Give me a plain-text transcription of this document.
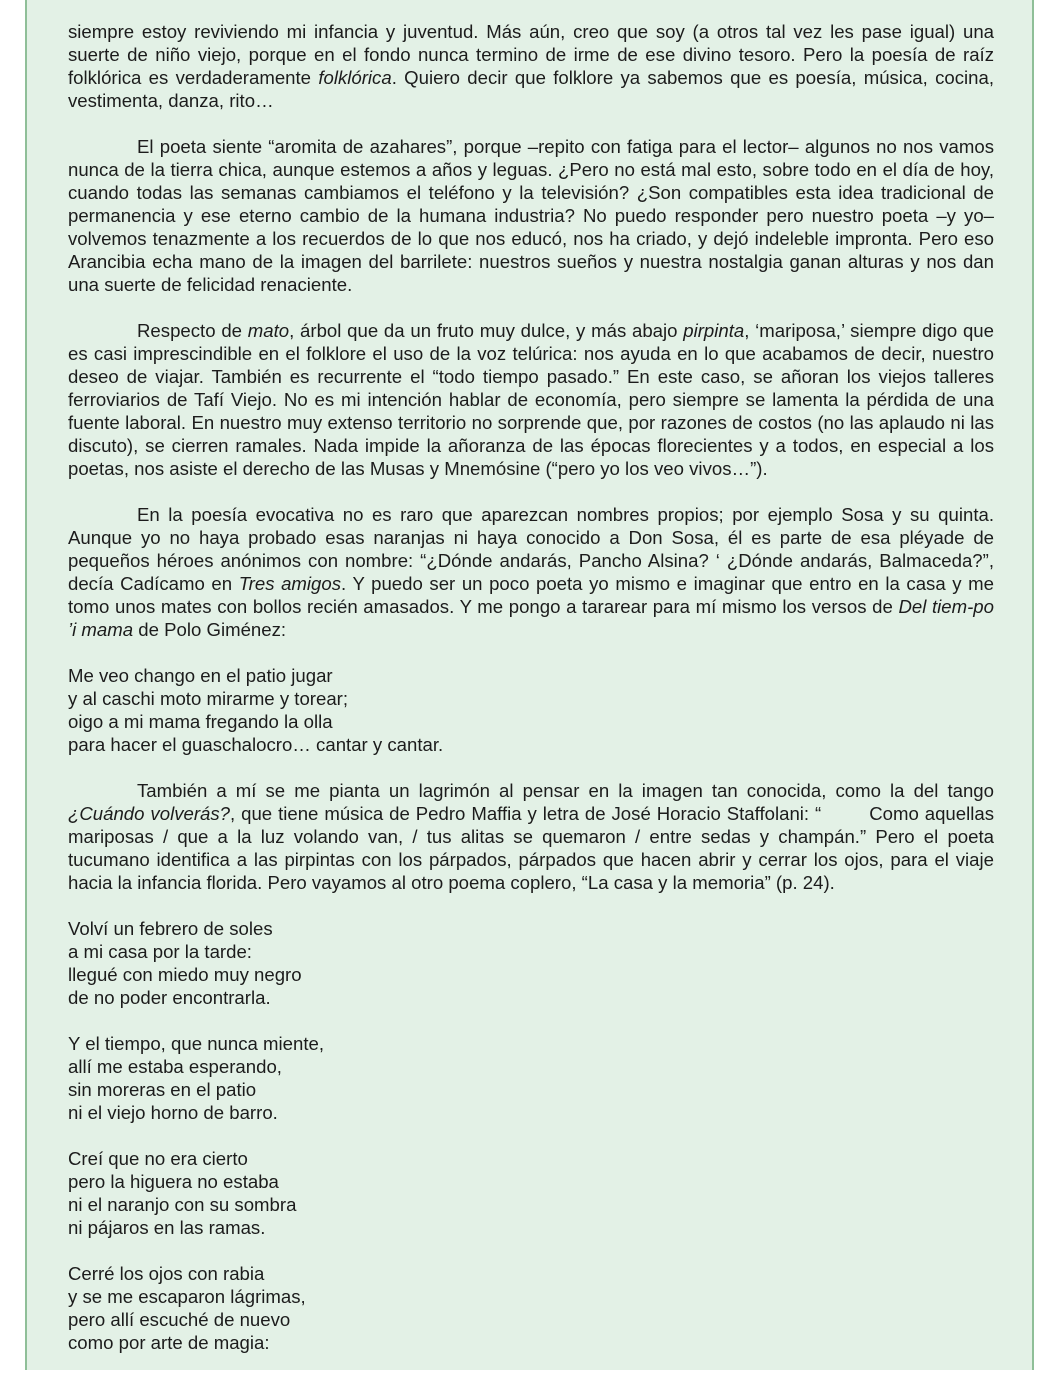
siempre estoy reviviendo mi infancia y juventud. Más aún, creo que soy (a otros tal vez les pase igual) una suerte de niño viejo, porque en el fondo nunca termino de irme de ese divino tesoro. Pero la poesía de raíz folklórica es verdaderamente folklórica. Quiero decir que folklore ya sabemos que es poesía, música, cocina, vestimenta, danza, rito…

El poeta siente “aromita de azahares”, porque –repito con fatiga para el lector– algunos no nos vamos nunca de la tierra chica, aunque estemos a años y leguas. ¿Pero no está mal esto, sobre todo en el día de hoy, cuando todas las semanas cambiamos el teléfono y la televisión? ¿Son compatibles esta idea tradicional de permanencia y ese eterno cambio de la humana industria? No puedo responder pero nuestro poeta –y yo– volvemos tenazmente a los recuerdos de lo que nos educó, nos ha criado, y dejó indeleble impronta. Pero eso Arancibia echa mano de la imagen del barrilete: nuestros sueños y nuestra nostalgia ganan alturas y nos dan una suerte de felicidad renaciente.

Respecto de mato, árbol que da un fruto muy dulce, y más abajo pirpinta, ‘mariposa,’ siempre digo que es casi imprescindible en el folklore el uso de la voz telúrica: nos ayuda en lo que acabamos de decir, nuestro deseo de viajar. También es recurrente el “todo tiempo pasado.” En este caso, se añoran los viejos talleres ferroviarios de Tafí Viejo. No es mi intención hablar de economía, pero siempre se lamenta la pérdida de una fuente laboral. En nuestro muy extenso territorio no sorprende que, por razones de costos (no las aplaudo ni las discuto), se cierren ramales. Nada impide la añoranza de las épocas florecientes y a todos, en especial a los poetas, nos asiste el derecho de las Musas y Mnemósine (“pero yo los veo vivos…”).

En la poesía evocativa no es raro que aparezcan nombres propios; por ejemplo Sosa y su quinta. Aunque yo no haya probado esas naranjas ni haya conocido a Don Sosa, él es parte de esa pléyade de pequeños héroes anónimos con nombre: “¿Dónde andarás, Pancho Alsina? ‘ ¿Dónde andarás, Balmaceda?”, decía Cadícamo en Tres amigos. Y puedo ser un poco poeta yo mismo e imaginar que entro en la casa y me tomo unos mates con bollos recién amasados. Y me pongo a tararear para mí mismo los versos de Del tiem-po ’i mama de Polo Giménez:

Me veo chango en el patio jugar
y al caschi moto mirarme y torear;
oigo a mi mama fregando la olla
para hacer el guaschalocro… cantar y cantar.

También a mí se me pianta un lagrimón al pensar en la imagen tan conocida, como la del tango ¿Cuándo volverás?, que tiene música de Pedro Maffia y letra de José Horacio Staffolani: “	Como aquellas mariposas / que a la luz volando van, / tus alitas se quemaron / entre sedas y champán.” Pero el poeta tucumano identifica a las pirpintas con los párpados, párpados que hacen abrir y cerrar los ojos, para el viaje hacia la infancia florida. Pero vayamos al otro poema coplero, “La casa y la memoria” (p. 24).

Volví un febrero de soles
a mi casa por la tarde:
llegué con miedo muy negro
de no poder encontrarla.
Y el tiempo, que nunca miente,
allí me estaba esperando,
sin moreras en el patio
ni el viejo horno de barro.
Creí que no era cierto
pero la higuera no estaba
ni el naranjo con su sombra
ni pájaros en las ramas.
Cerré los ojos con rabia
y se me escaparon lágrimas,
pero allí escuché de nuevo
como por arte de magia:
